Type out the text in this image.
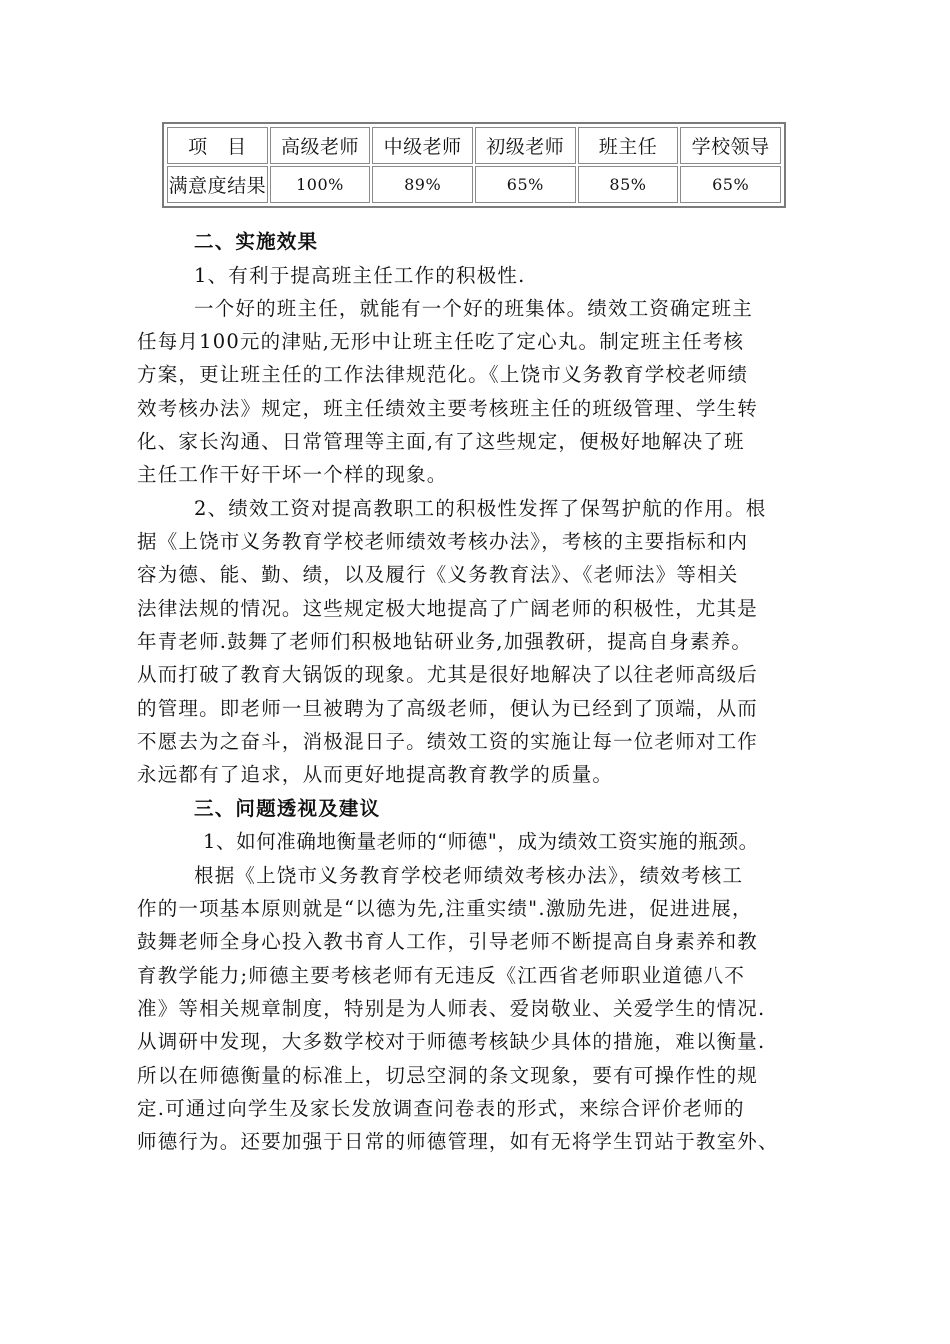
项　目	高级老师	中级老师	初级老师	班主任	学校领导
满意度结果	100%	89%	65%	85%	65%
二、实施效果
1、有利于提高班主任工作的积极性.
一个好的班主任，就能有一个好的班集体。绩效工资确定班主
任每月100元的津贴,无形中让班主任吃了定心丸。制定班主任考核
方案，更让班主任的工作法律规范化。《上饶市义务教育学校老师绩
效考核办法》规定，班主任绩效主要考核班主任的班级管理、学生转
化、家长沟通、日常管理等主面,有了这些规定，便极好地解决了班
主任工作干好干坏一个样的现象。
2、绩效工资对提高教职工的积极性发挥了保驾护航的作用。根
据《上饶市义务教育学校老师绩效考核办法》，考核的主要指标和内
容为德、能、勤、绩，以及履行《义务教育法》、《老师法》等相关
法律法规的情况。这些规定极大地提高了广阔老师的积极性，尤其是
年青老师.鼓舞了老师们积极地钻研业务,加强教研，提高自身素养。
从而打破了教育大锅饭的现象。尤其是很好地解决了以往老师高级后
的管理。即老师一旦被聘为了高级老师，便认为已经到了顶端，从而
不愿去为之奋斗，消极混日子。绩效工资的实施让每一位老师对工作
永远都有了追求，从而更好地提高教育教学的质量。
三、问题透视及建议
1、如何准确地衡量老师的“师德"，成为绩效工资实施的瓶颈。
根据《上饶市义务教育学校老师绩效考核办法》，绩效考核工
作的一项基本原则就是“以德为先,注重实绩".激励先进，促进进展，
鼓舞老师全身心投入教书育人工作，引导老师不断提高自身素养和教
育教学能力;师德主要考核老师有无违反《江西省老师职业道德八不
准》等相关规章制度，特别是为人师表、爱岗敬业、关爱学生的情况.
从调研中发现，大多数学校对于师德考核缺少具体的措施，难以衡量.
所以在师德衡量的标准上，切忌空洞的条文现象，要有可操作性的规
定.可通过向学生及家长发放调查问卷表的形式，来综合评价老师的
师德行为。还要加强于日常的师德管理，如有无将学生罚站于教室外、
